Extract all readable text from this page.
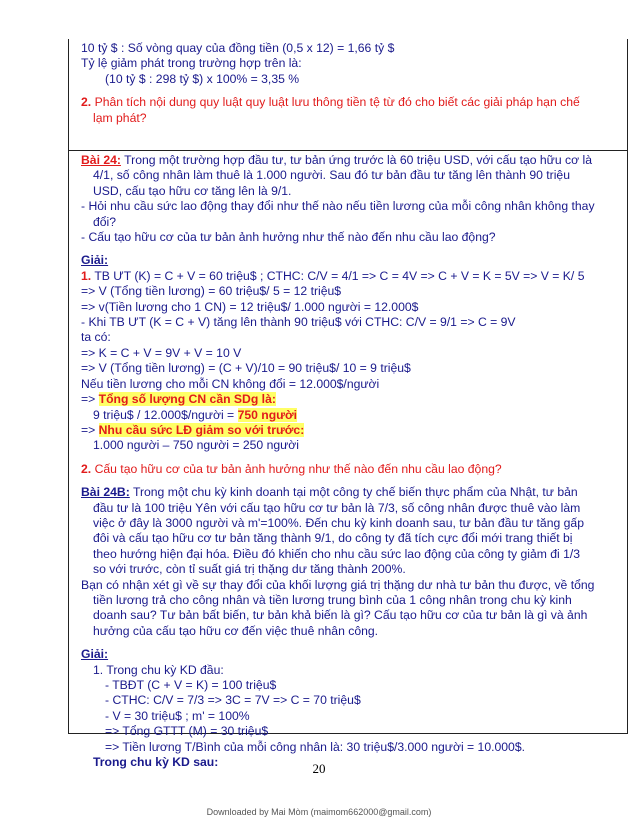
10 tỷ $ : Số vòng quay của đồng tiền (0,5 x 12) = 1,66 tỷ $
Tỷ lệ giảm phát trong trường hợp trên là:
(10 tỷ $ : 298 tỷ $) x 100% = 3,35 %
2. Phân tích nội dung quy luật quy luật lưu thông tiền tệ từ đó cho biết các giải pháp hạn chế
lạm phát?
Bài 24: Trong một trường hợp đầu tư, tư bản ứng trước là 60 triệu USD, với cấu tạo hữu cơ là
4/1, số công nhân làm thuê là 1.000 người. Sau đó tư bản đầu tư tăng lên thành 90 triệu
USD, cấu tạo hữu cơ tăng lên là 9/1.
- Hỏi nhu cầu sức lao động thay đổi như thế nào nếu tiền lương của mỗi công nhân không thay
đổi?
- Cấu tạo hữu cơ của tư bản ảnh hưởng như thế nào đến nhu cầu lao động?
Giải:
1. TB ƯT (K) = C + V = 60 triệu$ ; CTHC: C/V = 4/1 => C = 4V => C + V = K = 5V => V = K/ 5
=> V (Tổng tiền lương) = 60 triệu$/ 5 = 12 triệu$
=> v(Tiền lương cho 1 CN) = 12 triệu$/ 1.000 người = 12.000$
- Khi TB ƯT (K = C + V) tăng lên thành 90 triệu$ với CTHC: C/V = 9/1 => C = 9V
ta có:
=> K = C + V = 9V + V = 10 V
=> V (Tổng tiền lương) = (C + V)/10 = 90 triệu$/ 10 = 9 triệu$
Nếu tiền lương cho mỗi CN không đổi = 12.000$/người
=> Tổng số lượng CN cần SDg là:
9 triệu$ / 12.000$/người = 750 người
=> Nhu cầu sức LĐ giảm so với trước:
1.000 người – 750 người = 250 người
2. Cấu tạo hữu cơ của tư bản ảnh hưởng như thế nào đến nhu cầu lao động?
Bài 24B: Trong một chu kỳ kinh doanh tại một công ty chế biến thực phẩm của Nhật, tư bản
đầu tư là 100 triệu Yên với cấu tạo hữu cơ tư bản là 7/3, số công nhân được thuê vào làm
việc ở đây là 3000 người và m'=100%. Đến chu kỳ kinh doanh sau, tư bản đầu tư tăng gấp
đôi và cấu tạo hữu cơ tư bản tăng thành 9/1, do công ty đã tích cực đổi mới trang thiết bị
theo hướng hiện đại hóa. Điều đó khiến cho nhu cầu sức lao động của công ty giảm đi 1/3
so với trước, còn tỉ suất giá trị thặng dư tăng thành 200%.
Bạn có nhận xét gì về sự thay đổi của khối lượng giá trị thặng dư nhà tư bản thu được, về tổng
tiền lương trả cho công nhân và tiền lương trung bình của 1 công nhân trong chu kỳ kinh
doanh sau? Tư bản bất biến, tư bản khả biến là gì? Cấu tạo hữu cơ của tư bản là gì và ảnh
hưởng của cấu tạo hữu cơ đến việc thuê nhân công.
Giải:
1. Trong chu kỳ KD đầu:
- TBĐT (C + V = K) = 100 triệu$
- CTHC: C/V = 7/3 => 3C = 7V => C = 70 triệu$
- V = 30 triệu$ ; m' = 100%
=> Tổng GTTT (M) = 30 triệu$
=> Tiền lương T/Bình của mỗi công nhân là: 30 triệu$/3.000 người = 10.000$.
Trong chu kỳ KD sau:	20
Downloaded by Mai Mòm (maimom662000@gmail.com)
